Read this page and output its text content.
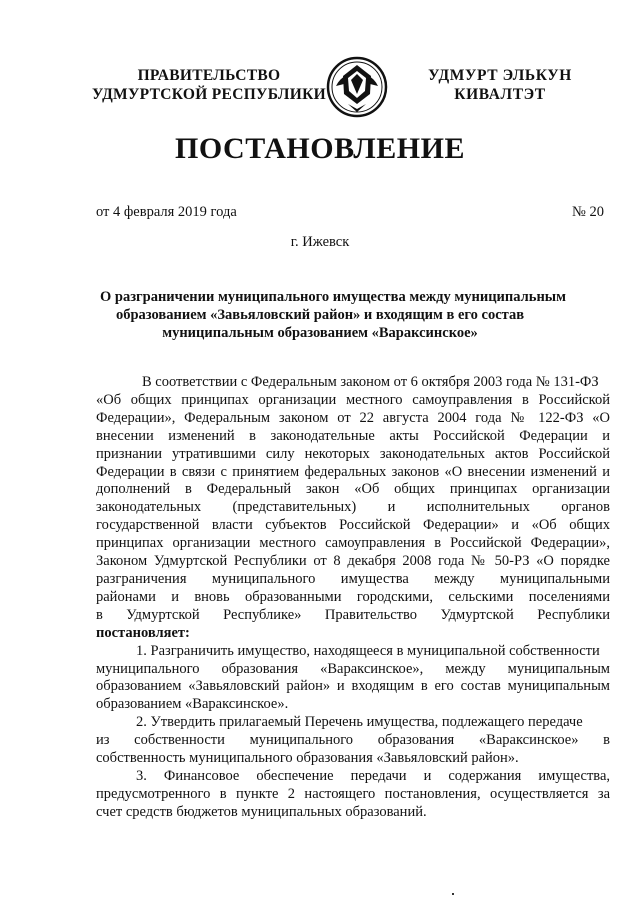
ПРАВИТЕЛЬСТВО
УДМУРТСКОЙ РЕСПУБЛИКИ
УДМУРТ ЭЛЬКУН
КИВАЛТЭТ
ПОСТАНОВЛЕНИЕ
от 4 февраля 2019 года	№ 20
г. Ижевск
О разграничении муниципального имущества между муниципальным
образованием «Завьяловский район» и входящим в его состав
муниципальным образованием «Вараксинское»
В соответствии с Федеральным законом от 6 октября 2003 года № 131-ФЗ
«Об общих принципах организации местного самоуправления в Российской
Федерации», Федеральным законом от 22 августа 2004 года № 122-ФЗ «О
внесении изменений в законодательные акты Российской Федерации и
признании утратившими силу некоторых законодательных актов Российской
Федерации в связи с принятием федеральных законов «О внесении изменений и
дополнений в Федеральный закон «Об общих принципах организации
законодательных (представительных) и исполнительных органов
государственной власти субъектов Российской Федерации» и «Об общих
принципах организации местного самоуправления в Российской Федерации»,
Законом Удмуртской Республики от 8 декабря 2008 года № 50-РЗ «О порядке
разграничения муниципального имущества между муниципальными
районами и вновь образованными городскими, сельскими поселениями
в Удмуртской Республике» Правительство Удмуртской Республики
постановляет:
1. Разграничить имущество, находящееся в муниципальной собственности
муниципального образования «Вараксинское», между муниципальным
образованием «Завьяловский район» и входящим в его состав муниципальным
образованием «Вараксинское».
2. Утвердить прилагаемый Перечень имущества, подлежащего передаче
из собственности муниципального образования «Вараксинское» в
собственность муниципального образования «Завьяловский район».
3. Финансовое обеспечение передачи и содержания имущества,
предусмотренного в пункте 2 настоящего постановления, осуществляется за
счет средств бюджетов муниципальных образований.
